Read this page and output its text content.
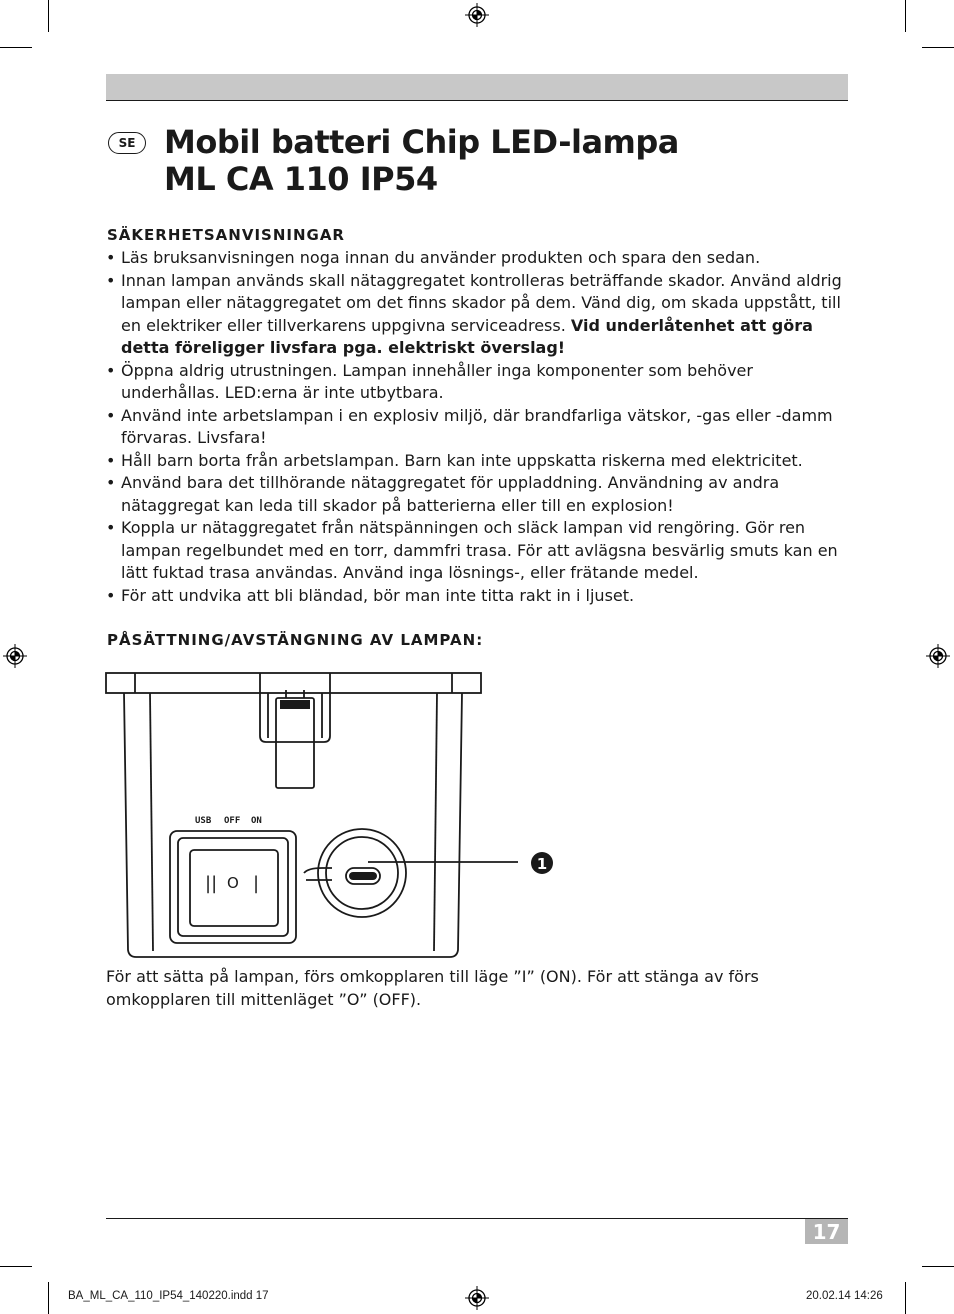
SE Mobil batteri Chip LED-lampa
ML CA 110 IP54
SÄKERHETSANVISNINGAR
• Läs bruksanvisningen noga innan du använder produkten och spara den sedan.
• Innan lampan används skall nätaggregatet kontrolleras beträffande skador. Använd aldrig lampan eller nätaggregatet om det finns skador på dem. Vänd dig, om skada uppstått, till en elektriker eller tillverkarens uppgivna serviceadress. Vid underlåtenhet att göra detta föreligger livsfara pga. elektriskt överslag!
• Öppna aldrig utrustningen. Lampan innehåller inga komponenter som behöver underhållas. LED:erna är inte utbytbara.
• Använd inte arbetslampan i en explosiv miljö, där brandfarliga vätskor, -gas eller -damm förvaras. Livsfara!
• Håll barn borta från arbetslampan. Barn kan inte uppskatta riskerna med elektricitet.
• Använd bara det tillhörande nätaggregatet för uppladdning. Användning av andra nätaggregat kan leda till skador på batterierna eller till en explosion!
• Koppla ur nätaggregatet från nätspänningen och släck lampan vid rengöring. Gör ren lampan regelbundet med en torr, dammfri trasa. För att avlägsna besvärlig smuts kan en lätt fuktad trasa användas. Använd inga lösnings-, eller frätande medel.
• För att undvika att bli bländad, bör man inte titta rakt in i ljuset.
PÅSÄTTNING/AVSTÄNGNING AV LAMPAN:
USB OFF ON
|| O |
1
För att sätta på lampan, förs omkopplaren till läge ”I” (ON). För att stänga av förs omkopplaren till mittenläget ”O” (OFF).
17
BA_ML_CA_110_IP54_140220.indd 17	20.02.14 14:26
